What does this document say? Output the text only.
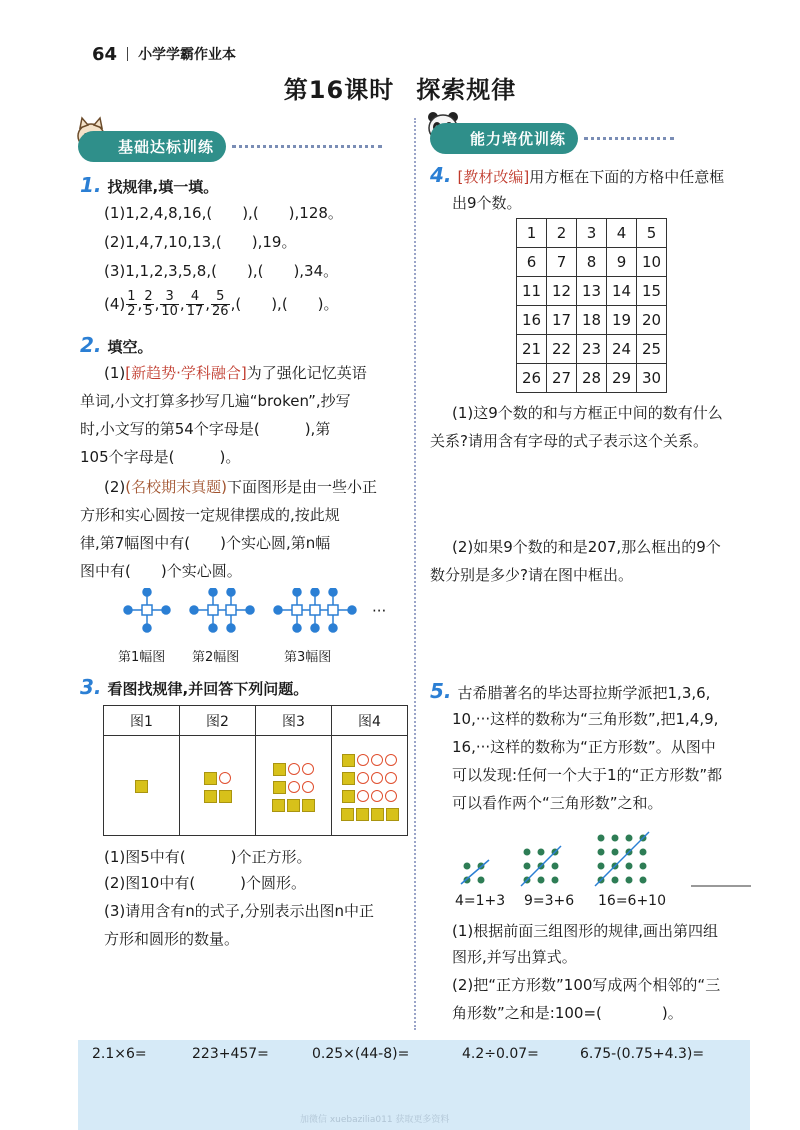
64 小学学霸作业本
第16课时 探索规律
基础达标训练	能力培优训练
1. 找规律,填一填。
(1)1,2,4,8,16,(　　),(　　),128。
(2)1,4,7,10,13,(　　),19。
(3)1,1,2,3,5,8,(　　),(　　),34。
$(4) \frac{1}{2}$ , $\frac{2}{5}$ , $\frac{3}{10}$ , $\frac{4}{17}$ , $\frac{5}{26}$ ,(　　),(　　)。
2. 填空。
(1)[新趋势·学科融合]为了强化记忆英语
单词,小文打算多抄写几遍“broken”,抄写
时,小文写的第54个字母是(　　　),第
105个字母是(　　　)。
(2)(名校期末真题)下面图形是由一些小正
方形和实心圆按一定规律摆成的,按此规
律,第7幅图中有(　　)个实心圆,第n幅
图中有(　　)个实心圆。
···
第1幅图 第2幅图	第3幅图
3. 看图找规律,并回答下列问题。
图1	图2	图3	图4

(1)图5中有(　　　)个正方形。
(2)图10中有(　　　)个圆形。
(3)请用含有n的式子,分别表示出图n中正
方形和圆形的数量。
4. [教材改编]用方框在下面的方格中任意框
出9个数。
1	2	3	4	5
6	7	8	9	10
11	12	13	14	15
16	17	18	19	20
21	22	23	24	25
26	27	28	29	30
(1)这9个数的和与方框正中间的数有什么
关系?请用含有字母的式子表示这个关系。
(2)如果9个数的和是207,那么框出的9个
数分别是多少?请在图中框出。
5. 古希腊著名的毕达哥拉斯学派把1,3,6,
10,···这样的数称为“三角形数”,把1,4,9,
16,···这样的数称为“正方形数”。从图中
可以发现:任何一个大于1的“正方形数”都
可以看作两个“三角形数”之和。
4=1+3 9=3+6 16=6+10
(1)根据前面三组图形的规律,画出第四组
图形,并写出算式。
(2)把“正方形数”100写成两个相邻的“三
角形数”之和是:100=(　　　　)。
2.1×6=	223+457=	0.25×(44-8)=	4.2÷0.07=	6.75-(0.75+4.3)=
加微信 xuebazilia011 获取更多资料
